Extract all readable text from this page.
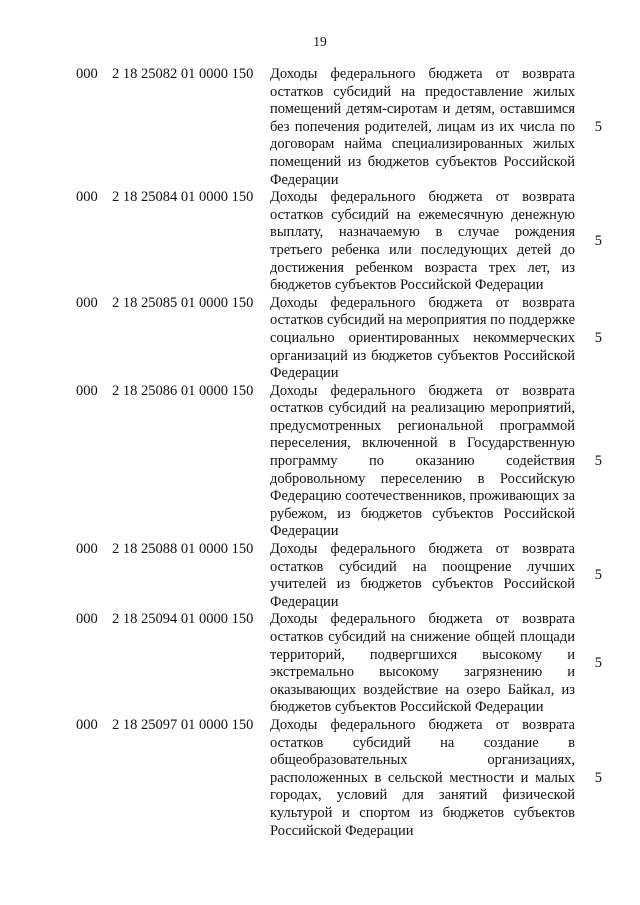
19
000 2 18 25082 01 0000 150 Доходы федерального бюджета от возврата остатков субсидий на предоставление жилых помещений детям-сиротам и детям, оставшимся без попечения родителей, лицам из их числа по договорам найма специализированных жилых помещений из бюджетов субъектов Российской Федерации
5
000 2 18 25084 01 0000 150 Доходы федерального бюджета от возврата остатков субсидий на ежемесячную денежную выплату, назначаемую в случае рождения третьего ребенка или последующих детей до достижения ребенком возраста трех лет, из бюджетов субъектов Российской Федерации
5
000 2 18 25085 01 0000 150 Доходы федерального бюджета от возврата остатков субсидий на мероприятия по поддержке социально ориентированных некоммерческих организаций из бюджетов субъектов Российской Федерации
5
000 2 18 25086 01 0000 150 Доходы федерального бюджета от возврата остатков субсидий на реализацию мероприятий, предусмотренных региональной программой переселения, включенной в Государственную программу по оказанию содействия добровольному переселению в Российскую Федерацию соотечественников, проживающих за рубежом, из бюджетов субъектов Российской Федерации
5
000 2 18 25088 01 0000 150 Доходы федерального бюджета от возврата остатков субсидий на поощрение лучших учителей из бюджетов субъектов Российской Федерации
5
000 2 18 25094 01 0000 150 Доходы федерального бюджета от возврата остатков субсидий на снижение общей площади территорий, подвергшихся высокому и экстремально высокому загрязнению и оказывающих воздействие на озеро Байкал, из бюджетов субъектов Российской Федерации
5
000 2 18 25097 01 0000 150 Доходы федерального бюджета от возврата остатков субсидий на создание в общеобразовательных организациях, расположенных в сельской местности и малых городах, условий для занятий физической культурой и спортом из бюджетов субъектов Российской Федерации
5
